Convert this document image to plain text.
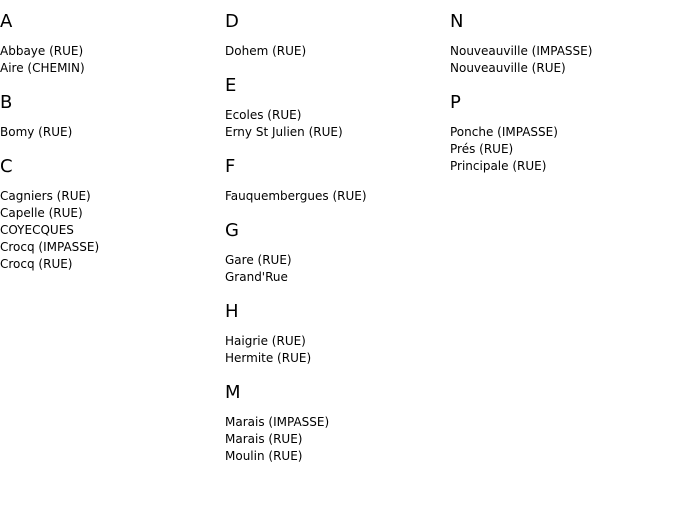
A
Abbaye (RUE)
Aire (CHEMIN)
B
Bomy (RUE)
C
Cagniers (RUE)
Capelle (RUE)
COYECQUES
Crocq (IMPASSE)
Crocq (RUE)
D
Dohem (RUE)
E
Ecoles (RUE)
Erny St Julien (RUE)
F
Fauquembergues (RUE)
G
Gare (RUE)
Grand'Rue
H
Haigrie (RUE)
Hermite (RUE)
M
Marais (IMPASSE)
Marais (RUE)
Moulin (RUE)
N
Nouveauville (IMPASSE)
Nouveauville (RUE)
P
Ponche (IMPASSE)
Prés (RUE)
Principale (RUE)
